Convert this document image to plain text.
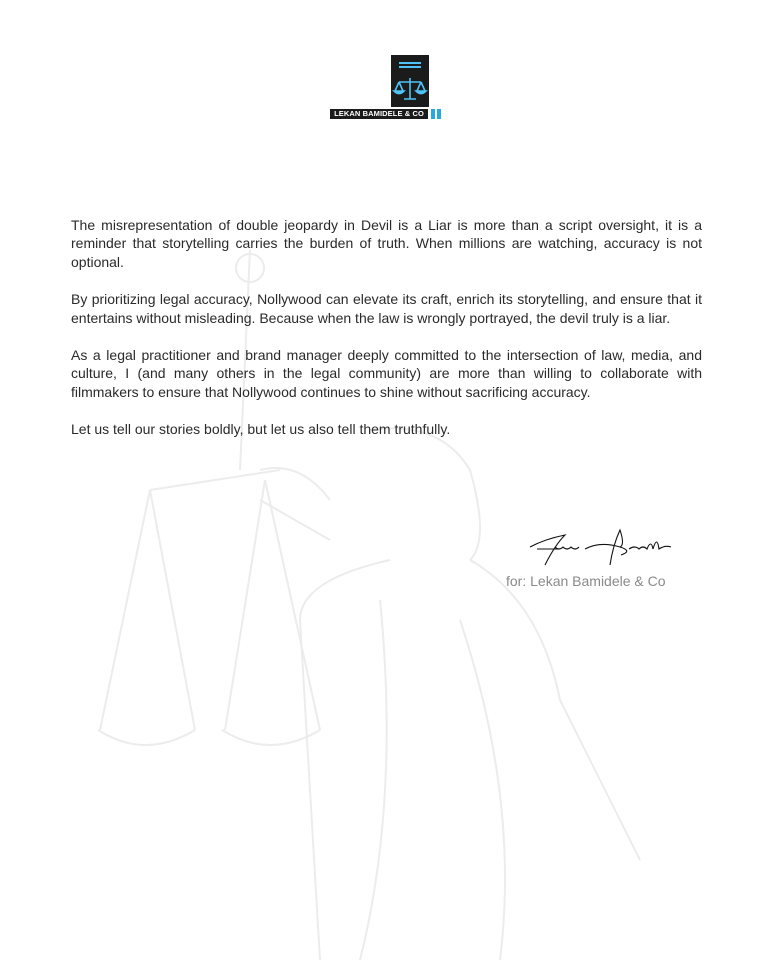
LEKAN BAMIDELE & CO

The misrepresentation of double jeopardy in Devil is a Liar is more than a script oversight, it is a reminder that storytelling carries the burden of truth. When millions are watching, accuracy is not optional.

By prioritizing legal accuracy, Nollywood can elevate its craft, enrich its storytelling, and ensure that it entertains without misleading. Because when the law is wrongly portrayed, the devil truly is a liar.

As a legal practitioner and brand manager deeply committed to the intersection of law, media, and culture, I (and many others in the legal community) are more than willing to collaborate with filmmakers to ensure that Nollywood continues to shine without sacrificing accuracy.

Let us tell our stories boldly, but let us also tell them truthfully.

for: Lekan Bamidele & Co
